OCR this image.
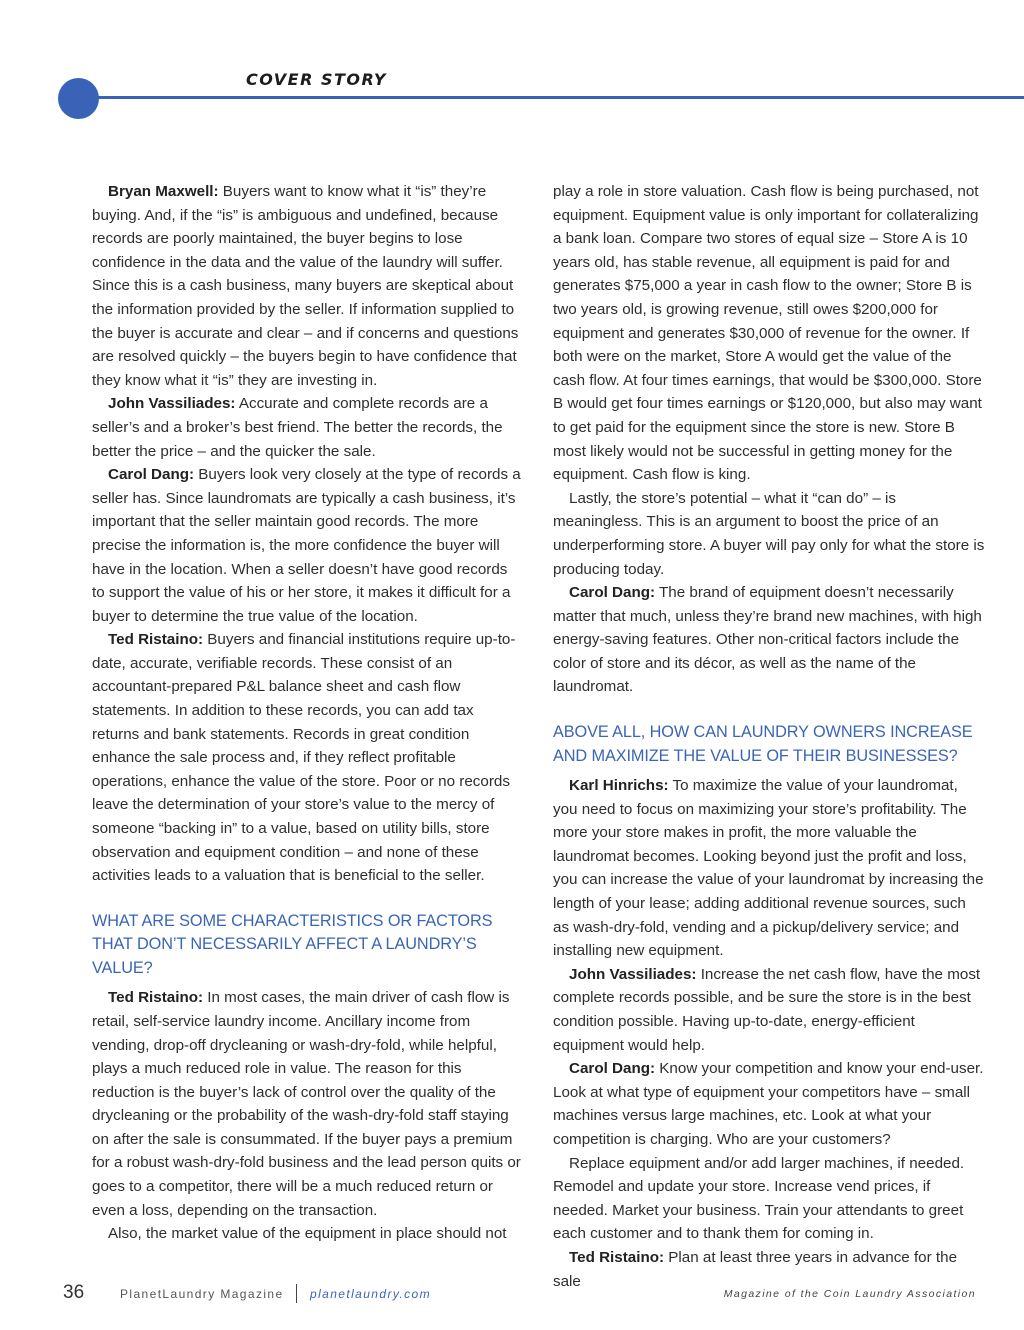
COVER STORY

Bryan Maxwell: Buyers want to know what it “is” they’re buying. And, if the “is” is ambiguous and undefined, because records are poorly maintained, the buyer begins to lose confidence in the data and the value of the laundry will suffer. Since this is a cash business, many buyers are skeptical about the information provided by the seller. If information supplied to the buyer is accurate and clear – and if concerns and questions are resolved quickly – the buyers begin to have confidence that they know what it “is” they are investing in.

John Vassiliades: Accurate and complete records are a seller’s and a broker’s best friend. The better the records, the better the price – and the quicker the sale.

Carol Dang: Buyers look very closely at the type of records a seller has. Since laundromats are typically a cash business, it’s important that the seller maintain good records. The more precise the information is, the more confidence the buyer will have in the location. When a seller doesn’t have good records to support the value of his or her store, it makes it difficult for a buyer to determine the true value of the location.

Ted Ristaino: Buyers and financial institutions require up-to-date, accurate, verifiable records. These consist of an accountant-prepared P&L balance sheet and cash flow statements. In addition to these records, you can add tax returns and bank statements. Records in great condition enhance the sale process and, if they reflect profitable operations, enhance the value of the store. Poor or no records leave the determination of your store’s value to the mercy of someone “backing in” to a value, based on utility bills, store observation and equipment condition – and none of these activities leads to a valuation that is beneficial to the seller.

WHAT ARE SOME CHARACTERISTICS OR FACTORS THAT DON’T NECESSARILY AFFECT A LAUNDRY’S VALUE?

Ted Ristaino: In most cases, the main driver of cash flow is retail, self-service laundry income. Ancillary income from vending, drop-off drycleaning or wash-dry-fold, while helpful, plays a much reduced role in value. The reason for this reduction is the buyer’s lack of control over the quality of the drycleaning or the probability of the wash-dry-fold staff staying on after the sale is consummated. If the buyer pays a premium for a robust wash-dry-fold business and the lead person quits or goes to a competitor, there will be a much reduced return or even a loss, depending on the transaction.

Also, the market value of the equipment in place should not

play a role in store valuation. Cash flow is being purchased, not equipment. Equipment value is only important for collateralizing a bank loan. Compare two stores of equal size – Store A is 10 years old, has stable revenue, all equipment is paid for and generates $75,000 a year in cash flow to the owner; Store B is two years old, is growing revenue, still owes $200,000 for equipment and generates $30,000 of revenue for the owner. If both were on the market, Store A would get the value of the cash flow. At four times earnings, that would be $300,000. Store B would get four times earnings or $120,000, but also may want to get paid for the equipment since the store is new. Store B most likely would not be successful in getting money for the equipment. Cash flow is king.

Lastly, the store’s potential – what it “can do” – is meaningless. This is an argument to boost the price of an underperforming store. A buyer will pay only for what the store is producing today.

Carol Dang: The brand of equipment doesn’t necessarily matter that much, unless they’re brand new machines, with high energy-saving features. Other non-critical factors include the color of store and its décor, as well as the name of the laundromat.

ABOVE ALL, HOW CAN LAUNDRY OWNERS INCREASE AND MAXIMIZE THE VALUE OF THEIR BUSINESSES?

Karl Hinrichs: To maximize the value of your laundromat, you need to focus on maximizing your store’s profitability. The more your store makes in profit, the more valuable the laundromat becomes. Looking beyond just the profit and loss, you can increase the value of your laundromat by increasing the length of your lease; adding additional revenue sources, such as wash-dry-fold, vending and a pickup/delivery service; and installing new equipment.

John Vassiliades: Increase the net cash flow, have the most complete records possible, and be sure the store is in the best condition possible. Having up-to-date, energy-efficient equipment would help.

Carol Dang: Know your competition and know your end-user. Look at what type of equipment your competitors have – small machines versus large machines, etc. Look at what your competition is charging. Who are your customers?

Replace equipment and/or add larger machines, if needed. Remodel and update your store. Increase vend prices, if needed. Market your business. Train your attendants to greet each customer and to thank them for coming in.

Ted Ristaino: Plan at least three years in advance for the sale

36	PlanetLaundry Magazine planetlaundry.com	Magazine of the Coin Laundry Association
